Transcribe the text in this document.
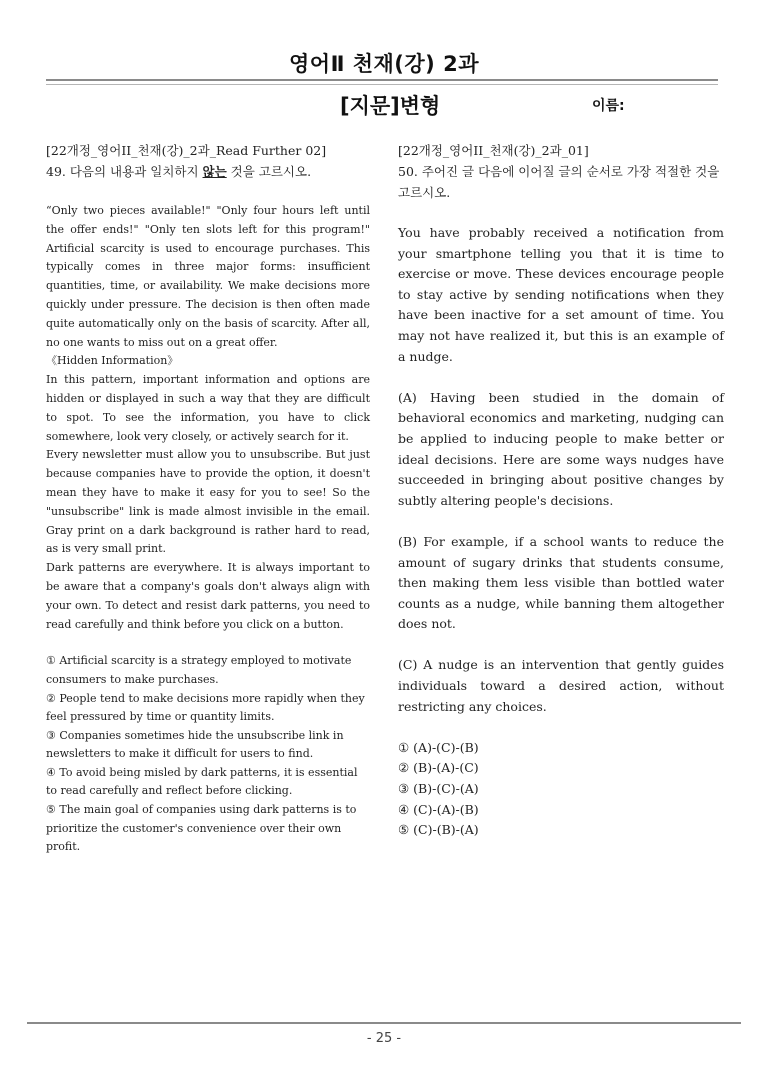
영어Ⅱ 천재(강) 2과
[지문]변형	이름:
[22개정_영어II_천재(강)_2과_Read Further 02]
49. 다음의 내용과 일치하지 않는 것을 고르시오.

“Only two pieces available!" "Only four hours left until the offer ends!" "Only ten slots left for this program!" Artificial scarcity is used to encourage purchases. This typically comes in three major forms: insufficient quantities, time, or availability. We make decisions more quickly under pressure. The decision is then often made quite automatically only on the basis of scarcity. After all, no one wants to miss out on a great offer.

《Hidden Information》

In this pattern, important information and options are hidden or displayed in such a way that they are difficult to spot. To see the information, you have to click somewhere, look very closely, or actively search for it.

Every newsletter must allow you to unsubscribe. But just because companies have to provide the option, it doesn't mean they have to make it easy for you to see! So the "unsubscribe" link is made almost invisible in the email. Gray print on a dark background is rather hard to read, as is very small print.

Dark patterns are everywhere. It is always important to be aware that a company's goals don't always align with your own. To detect and resist dark patterns, you need to read carefully and think before you click on a button.

① Artificial scarcity is a strategy employed to motivate consumers to make purchases.

② People tend to make decisions more rapidly when they feel pressured by time or quantity limits.

③ Companies sometimes hide the unsubscribe link in newsletters to make it difficult for users to find.

④ To avoid being misled by dark patterns, it is essential to read carefully and reflect before clicking.

⑤ The main goal of companies using dark patterns is to prioritize the customer's convenience over their own profit.

[22개정_영어II_천재(강)_2과_01]
50. 주어진 글 다음에 이어질 글의 순서로 가장 적절한 것을 고르시오.

You have probably received a notification from your smartphone telling you that it is time to exercise or move. These devices encourage people to stay active by sending notifications when they have been inactive for a set amount of time. You may not have realized it, but this is an example of a nudge.

(A) Having been studied in the domain of behavioral economics and marketing, nudging can be applied to inducing people to make better or ideal decisions. Here are some ways nudges have succeeded in bringing about positive changes by subtly altering people's decisions.

(B) For example, if a school wants to reduce the amount of sugary drinks that students consume, then making them less visible than bottled water counts as a nudge, while banning them altogether does not.

(C) A nudge is an intervention that gently guides individuals toward a desired action, without restricting any choices.

① (A)-(C)-(B)

② (B)-(A)-(C)

③ (B)-(C)-(A)

④ (C)-(A)-(B)

⑤ (C)-(B)-(A)

- 25 -
